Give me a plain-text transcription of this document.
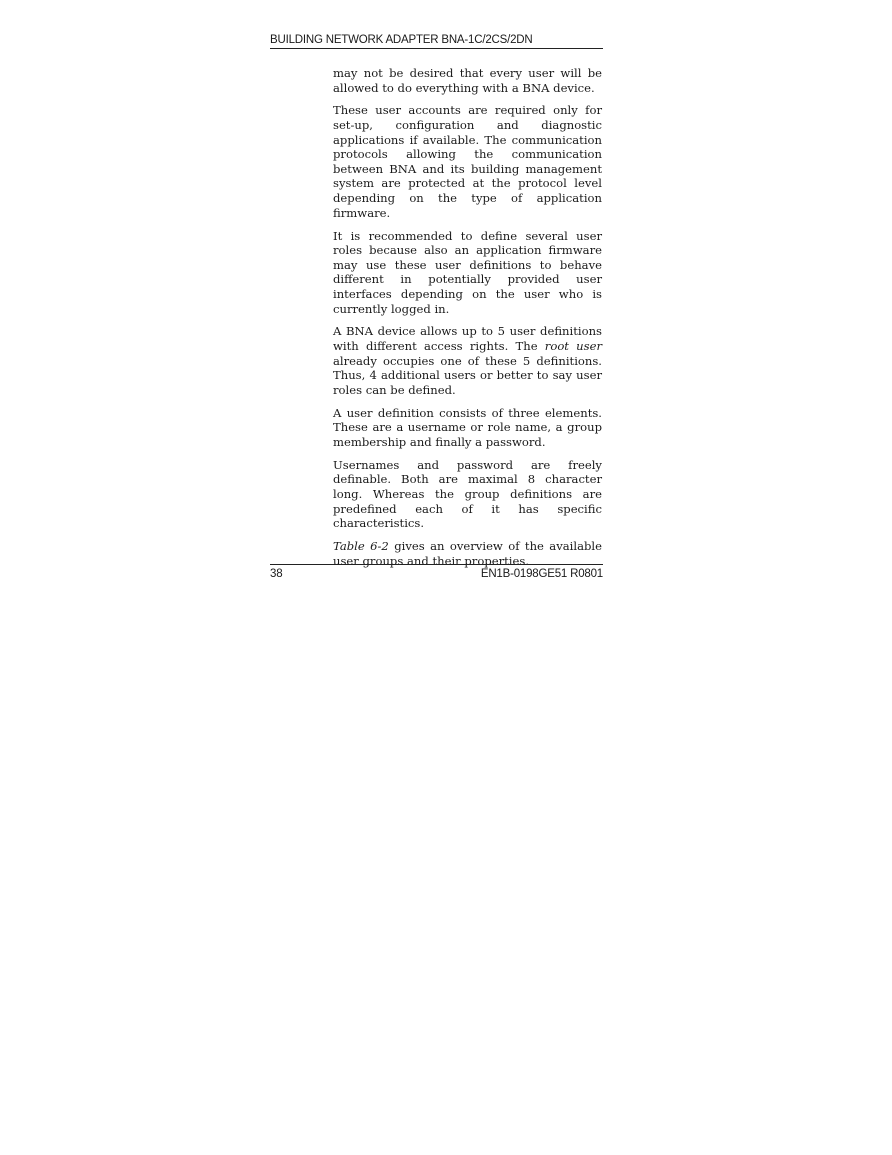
BUILDING NETWORK ADAPTER BNA-1C/2CS/2DN

may not be desired that every user will be allowed to do everything with a BNA device.

These user accounts are required only for set-up, configuration and diagnostic applications if available. The communication protocols allowing the communication between BNA and its building management system are protected at the protocol level depending on the type of application firmware.

It is recommended to define several user roles because also an application firmware may use these user definitions to behave different in potentially provided user interfaces depending on the user who is currently logged in.

A BNA device allows up to 5 user definitions with different access rights. The root user already occupies one of these 5 definitions. Thus, 4 additional users or better to say user roles can be defined.

A user definition consists of three elements. These are a username or role name, a group membership and finally a password.

Usernames and password are freely definable. Both are maximal 8 character long. Whereas the group definitions are predefined each of it has specific characteristics.

Table 6-2 gives an overview of the available user groups and their properties.

38	EN1B-0198GE51 R0801
